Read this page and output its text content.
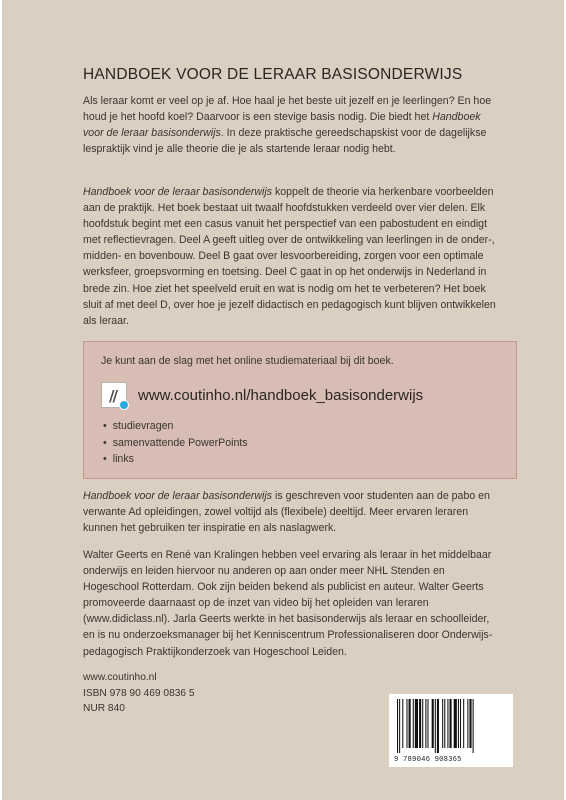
HANDBOEK VOOR DE LERAAR BASISONDERWIJS
Als leraar komt er veel op je af. Hoe haal je het beste uit jezelf en je leerlingen? En hoe houd je het hoofd koel? Daarvoor is een stevige basis nodig. Die biedt het Handboek voor de leraar basisonderwijs. In deze praktische gereedschapskist voor de dagelijkse lespraktijk vind je alle theorie die je als startende leraar nodig hebt.
Handboek voor de leraar basisonderwijs koppelt de theorie via herkenbare voorbeelden aan de praktijk. Het boek bestaat uit twaalf hoofdstukken verdeeld over vier delen. Elk hoofdstuk begint met een casus vanuit het perspectief van een pabostudent en eindigt met reflectievragen. Deel A geeft uitleg over de ontwikkeling van leerlingen in de onder-, midden- en bovenbouw. Deel B gaat over lesvoorbereiding, zorgen voor een optimale werksfeer, groepsvorming en toetsing. Deel C gaat in op het onderwijs in Nederland in brede zin. Hoe ziet het speelveld eruit en wat is nodig om het te verbeteren? Het boek sluit af met deel D, over hoe je jezelf didactisch en pedagogisch kunt blijven ontwikkelen als leraar.
Je kunt aan de slag met het online studiemateriaal bij dit boek.
// www.coutinho.nl/handboek_basisonderwijs
• studievragen
• samenvattende PowerPoints
• links
Handboek voor de leraar basisonderwijs is geschreven voor studenten aan de pabo en verwante Ad opleidingen, zowel voltijd als (flexibele) deeltijd. Meer ervaren leraren kunnen het gebruiken ter inspiratie en als naslagwerk.
Walter Geerts en René van Kralingen hebben veel ervaring als leraar in het middelbaar onderwijs en leiden hiervoor nu anderen op aan onder meer NHL Stenden en Hogeschool Rotterdam. Ook zijn beiden bekend als publicist en auteur. Walter Geerts promoveerde daarnaast op de inzet van video bij het opleiden van leraren (www.didiclass.nl). Jarla Geerts werkte in het basisonderwijs als leraar en schoolleider, en is nu onderzoeksmanager bij het Kenniscentrum Professionaliseren door Onderwijs-pedagogisch Praktijkonderzoek van Hogeschool Leiden.
www.coutinho.nl
ISBN 978 90 469 0836 5
NUR 840
9 789046 908365
